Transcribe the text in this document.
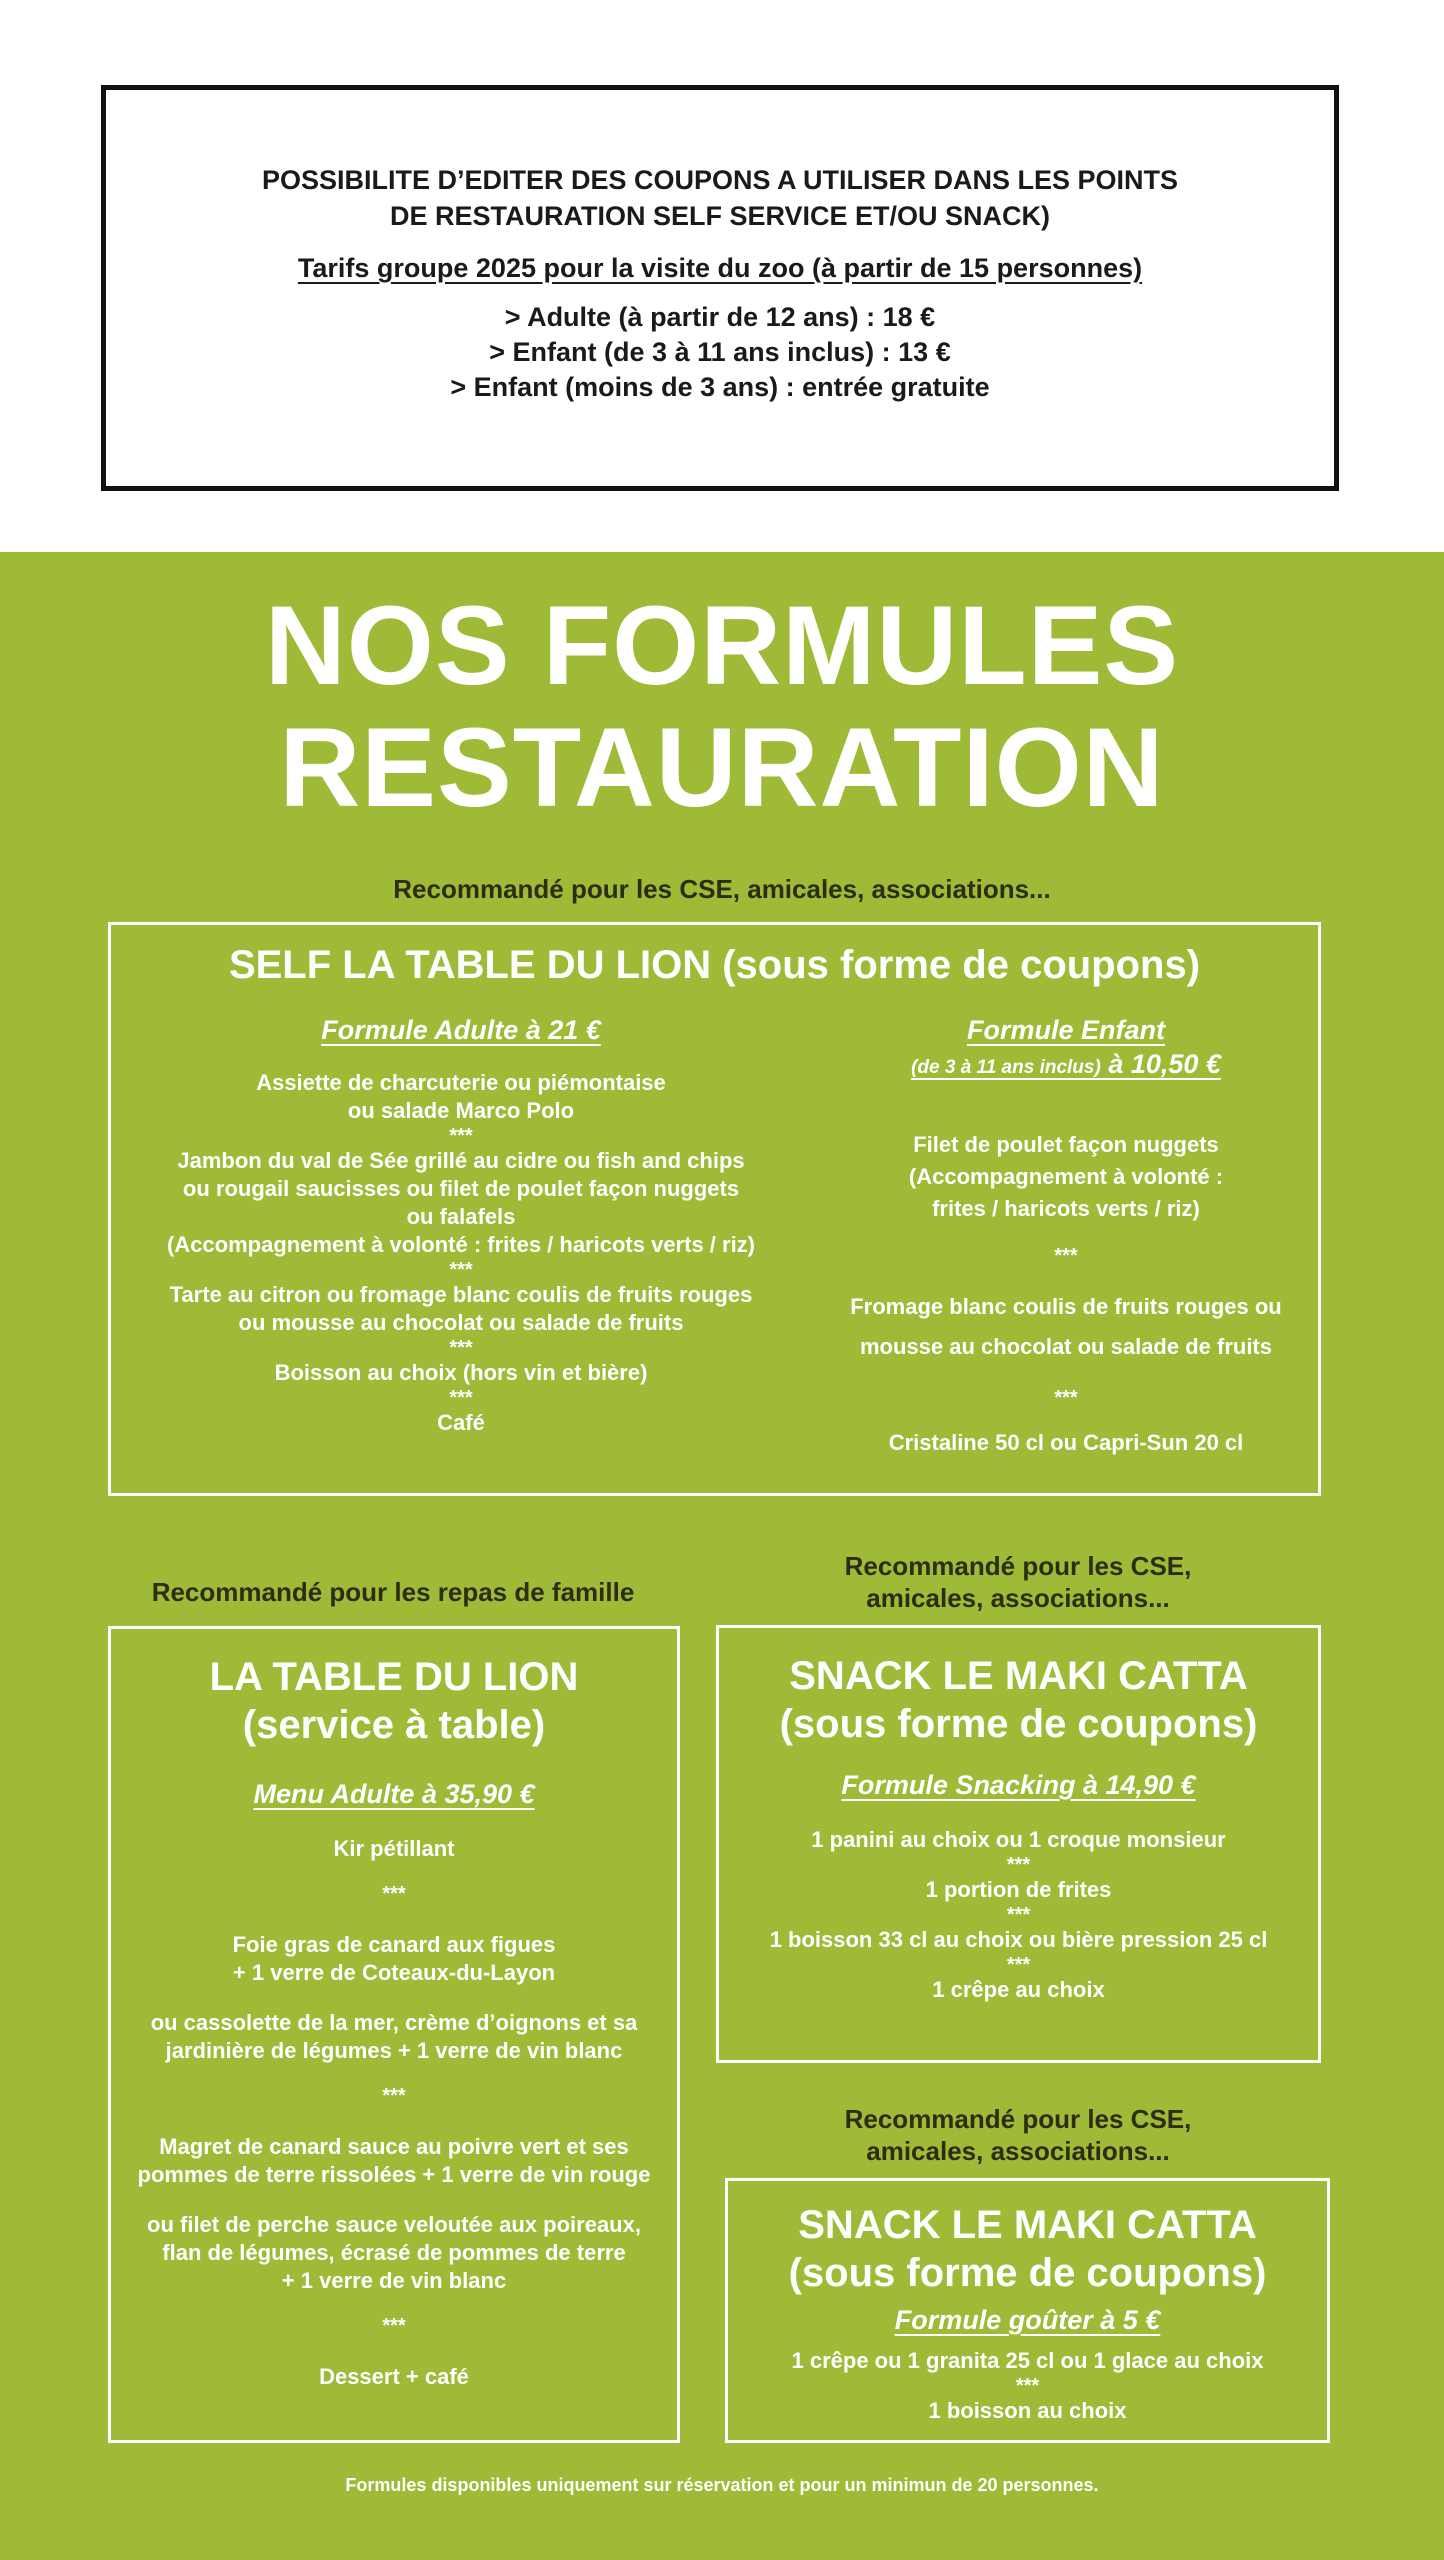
POSSIBILITE D’EDITER DES COUPONS A UTILISER DANS LES POINTS
DE RESTAURATION SELF SERVICE ET/OU SNACK)
Tarifs groupe 2025 pour la visite du zoo (à partir de 15 personnes)
> Adulte (à partir de 12 ans) : 18 €
> Enfant (de 3 à 11 ans inclus) : 13 €
> Enfant (moins de 3 ans) : entrée gratuite
NOS FORMULES
RESTAURATION
Recommandé pour les CSE, amicales, associations...
SELF LA TABLE DU LION (sous forme de coupons)
Formule Adulte à 21 €
Assiette de charcuterie ou piémontaise
ou salade Marco Polo
***
Jambon du val de Sée grillé au cidre ou fish and chips
ou rougail saucisses ou filet de poulet façon nuggets
ou falafels
(Accompagnement à volonté : frites / haricots verts / riz)
***
Tarte au citron ou fromage blanc coulis de fruits rouges
ou mousse au chocolat ou salade de fruits
***
Boisson au choix (hors vin et bière)
***
Café
Formule Enfant
(de 3 à 11 ans inclus) à 10,50 €
Filet de poulet façon nuggets
(Accompagnement à volonté :
frites / haricots verts / riz)
***
Fromage blanc coulis de fruits rouges ou
mousse au chocolat ou salade de fruits
***
Cristaline 50 cl ou Capri-Sun 20 cl
Recommandé pour les repas de famille
LA TABLE DU LION
(service à table)
Menu Adulte à 35,90 €
Kir pétillant
***
Foie gras de canard aux figues
+ 1 verre de Coteaux-du-Layon
ou cassolette de la mer, crème d’oignons et sa
jardinière de légumes + 1 verre de vin blanc
***
Magret de canard sauce au poivre vert et ses
pommes de terre rissolées + 1 verre de vin rouge
ou filet de perche sauce veloutée aux poireaux,
flan de légumes, écrasé de pommes de terre
+ 1 verre de vin blanc
***
Dessert + café
Recommandé pour les CSE,
amicales, associations...
SNACK LE MAKI CATTA
(sous forme de coupons)
Formule Snacking à 14,90 €
1 panini au choix ou 1 croque monsieur
***
1 portion de frites
***
1 boisson 33 cl au choix ou bière pression 25 cl
***
1 crêpe au choix
Recommandé pour les CSE,
amicales, associations...
SNACK LE MAKI CATTA
(sous forme de coupons)
Formule goûter à 5 €
1 crêpe ou 1 granita 25 cl ou 1 glace au choix
***
1 boisson au choix
Formules disponibles uniquement sur réservation et pour un minimun de 20 personnes.
